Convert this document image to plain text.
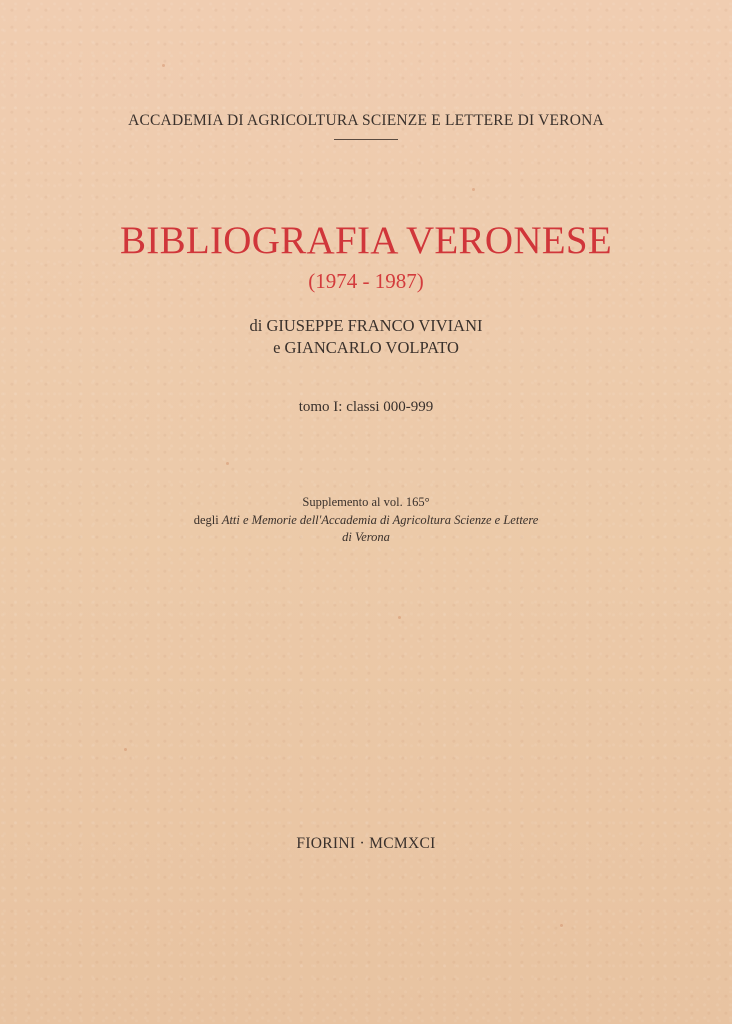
ACCADEMIA DI AGRICOLTURA SCIENZE E LETTERE DI VERONA
BIBLIOGRAFIA VERONESE
(1974 - 1987)
di GIUSEPPE FRANCO VIVIANI
e GIANCARLO VOLPATO
tomo I: classi 000-999
Supplemento al vol. 165°
degli Atti e Memorie dell'Accademia di Agricoltura Scienze e Lettere
di Verona
FIORINI · MCMXCI
